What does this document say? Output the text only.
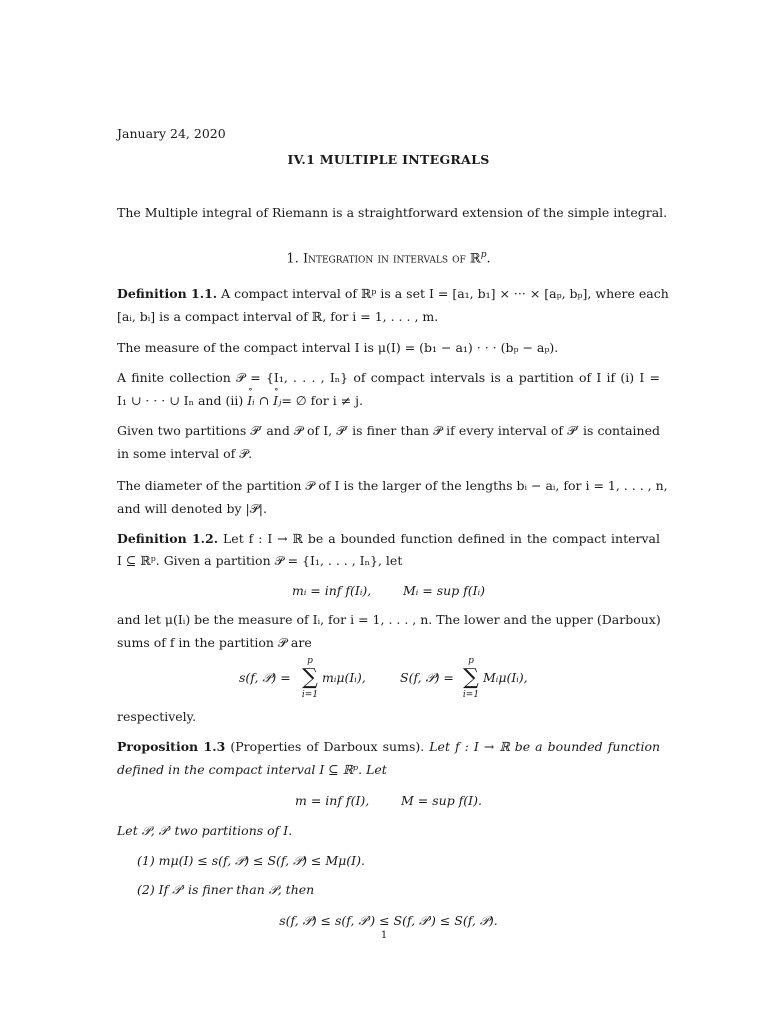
January 24, 2020
IV.1 MULTIPLE INTEGRALS
The Multiple integral of Riemann is a straightforward extension of the simple integral.
1. Integration in intervals of ℝ$^p$.
Definition 1.1. A compact interval of ℝᵖ is a set I = [a₁, b₁] × ··· × [aₚ, bₚ], where each
[aᵢ, bᵢ] is a compact interval of ℝ, for i = 1, . . . , m.
The measure of the compact interval I is μ(I) = (b₁ − a₁) · · · (bₚ − aₚ).
A finite collection 𝒫 = {I₁, . . . , Iₙ} of compact intervals is a partition of I if (i) I =
I₁ ∪ · · · ∪ Iₙ and (ii) ∘ Iᵢ ∩ ∘ Iⱼ= ∅ for i ≠ j.
Given two partitions 𝒫′ and 𝒫 of I, 𝒫′ is finer than 𝒫 if every interval of 𝒫′ is contained
in some interval of 𝒫.
The diameter of the partition 𝒫 of I is the larger of the lengths bᵢ − aᵢ, for i = 1, . . . , n,
and will denoted by |𝒫|.
Definition 1.2. Let f : I → ℝ be a bounded function defined in the compact interval
I ⊆ ℝᵖ. Given a partition 𝒫 = {I₁, . . . , Iₙ}, let
mᵢ = inf f(Iᵢ),        Mᵢ = sup f(Iᵢ)
and let μ(Iᵢ) be the measure of Iᵢ, for i = 1, . . . , n. The lower and the upper (Darboux)
sums of f in the partition 𝒫 are
s(f, 𝒫) =
p
∑
i=1
mᵢμ(Iᵢ),	S(f, 𝒫) =
p
∑
i=1
Mᵢμ(Iᵢ),
respectively.
Proposition 1.3 (Properties of Darboux sums). Let f : I → ℝ be a bounded function
defined in the compact interval I ⊆ ℝᵖ. Let
m = inf f(I),        M = sup f(I).
Let 𝒫, 𝒫′ two partitions of I.
(1) mμ(I) ≤ s(f, 𝒫) ≤ S(f, 𝒫) ≤ Mμ(I).
(2) If 𝒫′ is finer than 𝒫, then
s(f, 𝒫) ≤ s(f, 𝒫′) ≤ S(f, 𝒫′) ≤ S(f, 𝒫).
1
